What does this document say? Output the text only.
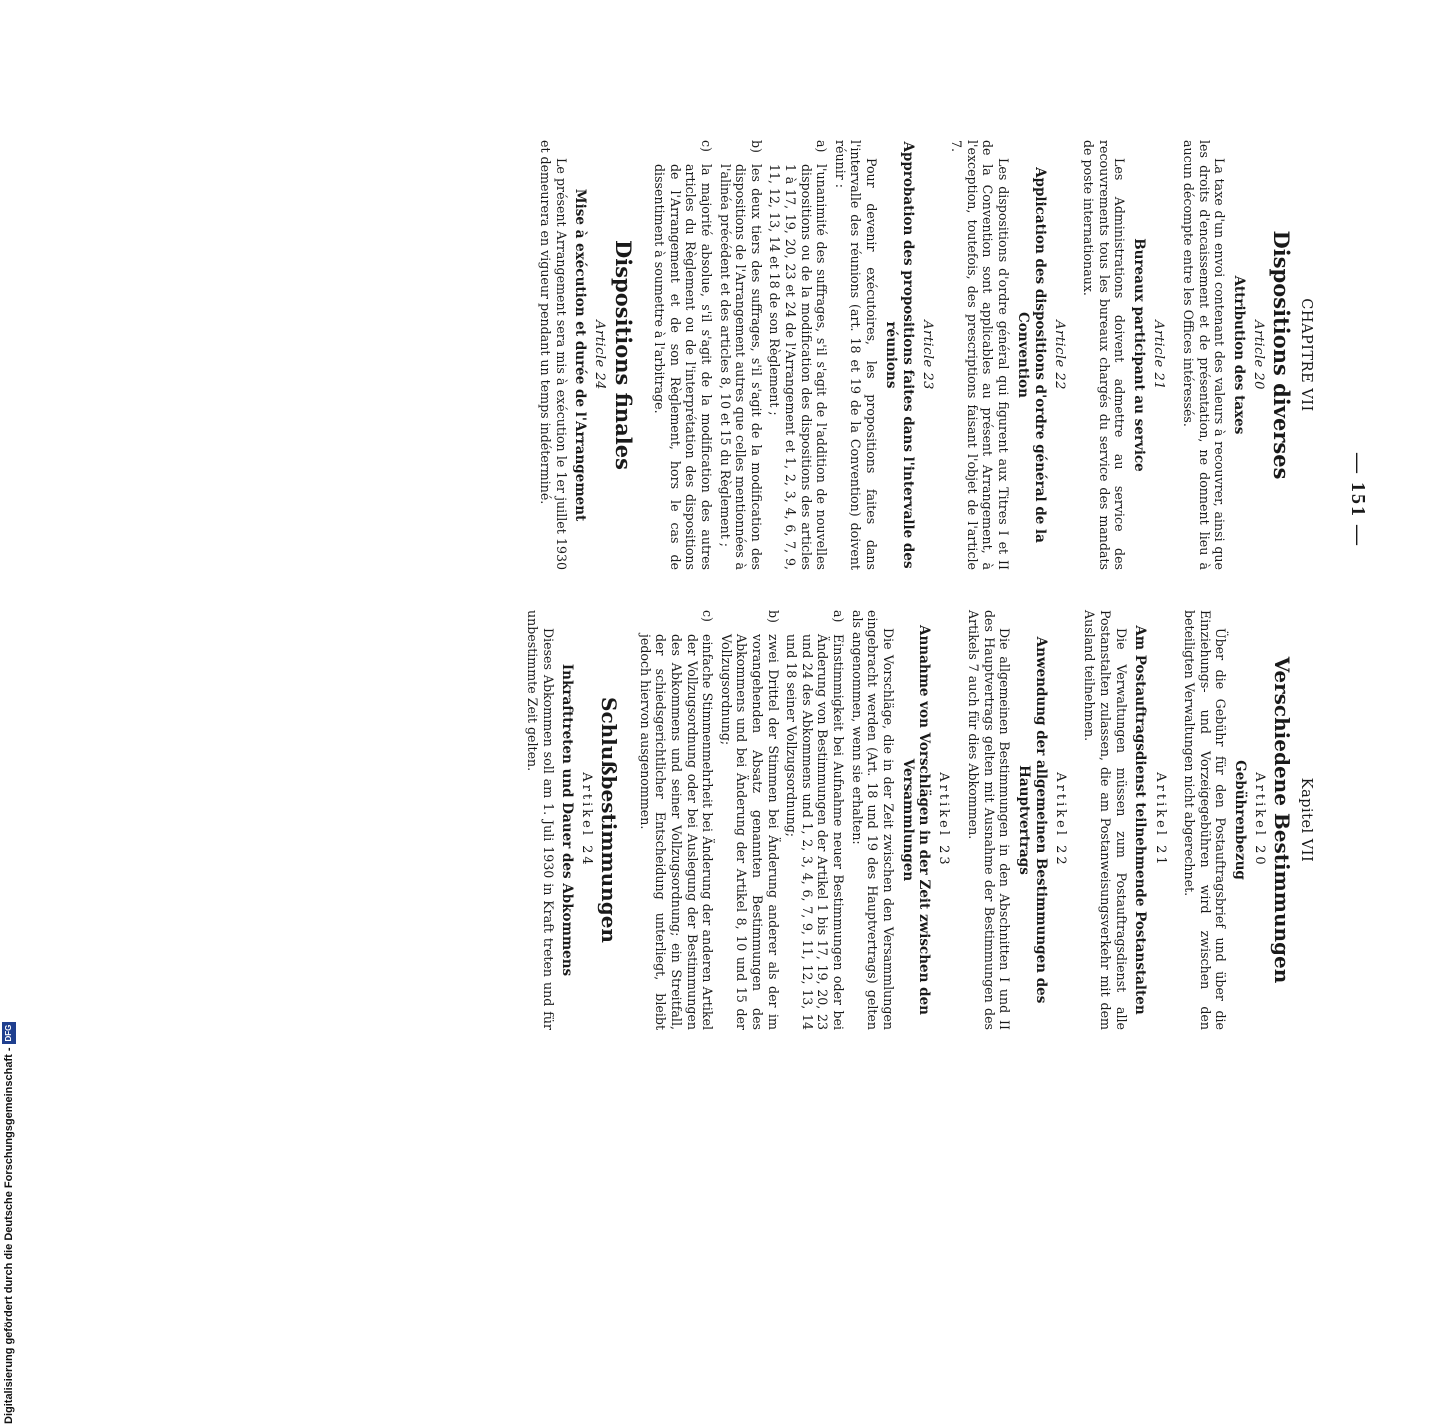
— 151 —
CHAPITRE VII
Dispositions diverses
Article 20
Attribution des taxes

La taxe d'un envoi contenant des valeurs à recouvrer, ainsi que les droits d'encaissement et de présentation, ne donnent lieu à aucun décompte entre les Offices intéressés.

Article 21
Bureaux participant au service

Les Administrations doivent admettre au service des recouvrements tous les bureaux chargés du service des mandats de poste internationaux.

Article 22
Application des dispositions d'ordre général de la Convention

Les dispositions d'ordre général qui figurent aux Titres I et II de la Convention sont applicables au présent Arrangement, à l'exception, toutefois, des prescriptions faisant l'objet de l'article 7.

Article 23
Approbation des propositions faites dans l'intervalle des réunions

Pour devenir exécutoires, les propositions faites dans l'intervalle des réunions (art. 18 et 19 de la Convention) doivent réunir :

a)
l'unanimité des suffrages, s'il s'agit de l'addition de nouvelles dispositions ou de la modification des dispositions des articles 1 à 17, 19, 20, 23 et 24 de l'Arrangement et 1, 2, 3, 4, 6, 7, 9, 11, 12, 13, 14 et 18 de son Règlement ;
b)
les deux tiers des suffrages, s'il s'agit de la modification des dispositions de l'Arrangement autres que celles mentionnées à l'alinéa précédent et des articles 8, 10 et 15 du Règlement ;
c)
la majorité absolue, s'il s'agit de la modification des autres articles du Règlement ou de l'interprétation des dispositions de l'Arrangement et de son Règlement, hors le cas de dissentiment à soumettre à l'arbitrage.
Dispositions finales
Article 24
Mise à exécution et durée de l'Arrangement

Le présent Arrangement sera mis à exécution le 1er juillet 1930 et demeurera en vigueur pendant un temps indéterminé.

Kapitel VII
Verschiedene Bestimmungen
Artikel 20
Gebührenbezug

Über die Gebühr für den Postauftragsbrief und über die Einziehungs- und Vorzeigegebühren wird zwischen den beteiligten Verwaltungen nicht abgerechnet.

Artikel 21
Am Postauftragsdienst teilnehmende Postanstalten

Die Verwaltungen müssen zum Postauftragsdienst alle Postanstalten zulassen, die am Postanweisungsverkehr mit dem Ausland teilnehmen.

Artikel 22
Anwendung der allgemeinen Bestimmungen des Hauptvertrags

Die allgemeinen Bestimmungen in den Abschnitten I und II des Hauptvertrags gelten mit Ausnahme der Bestimmungen des Artikels 7 auch für dies Abkommen.

Artikel 23
Annahme von Vorschlägen in der Zeit zwischen den Versammlungen

Die Vorschläge, die in der Zeit zwischen den Versammlungen eingebracht werden (Art. 18 und 19 des Hauptvertrags) gelten als angenommen, wenn sie erhalten:

a)
Einstimmigkeit bei Aufnahme neuer Bestimmungen oder bei Änderung von Bestimmungen der Artikel 1 bis 17, 19, 20, 23 und 24 des Abkommens und 1, 2, 3, 4, 6, 7, 9, 11, 12, 13, 14 und 18 seiner Vollzugsordnung;
b)
zwei Drittel der Stimmen bei Änderung anderer als der im vorangehenden Absatz genannten Bestimmungen des Abkommens und bei Änderung der Artikel 8, 10 und 15 der Vollzugsordnung;
c)
einfache Stimmenmehrheit bei Änderung der anderen Artikel der Vollzugsordnung oder bei Auslegung der Bestimmungen des Abkommens und seiner Vollzugsordnung; ein Streitfall, der schiedsgerichtlicher Entscheidung unterliegt, bleibt jedoch hiervon ausgenommen.
Schlußbestimmungen
Artikel 24
Inkrafttreten und Dauer des Abkommens

Dieses Abkommen soll am 1. Juli 1930 in Kraft treten und für unbestimmte Zeit gelten.

Digitalisierung gefördert durch die Deutsche Forschungsgemeinschaft -
DFG
